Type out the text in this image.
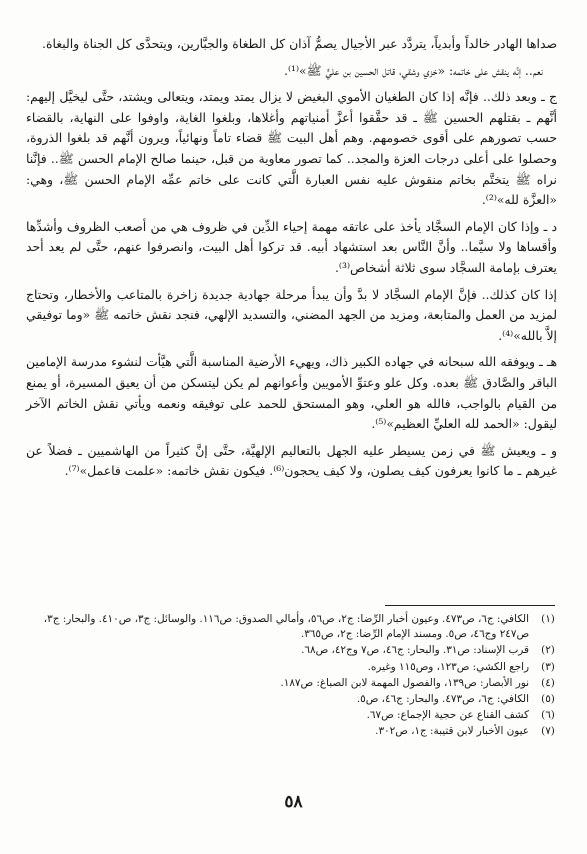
صداها الهادر خالداً وأبدياً، يتردَّد عبر الأجيال يصمُّ آذان كل الطغاة والجبَّارين، ويتحدَّى كل الجناة والبغاة.

نعم.. إنَّه ينقش على خاتمه: «خزي وشقي، قاتل الحسين بن عليٍّ ﷺ»⁽¹⁾.

ج ـ وبعد ذلك.. فإنَّه إذا كان الطغيان الأموي البغيض لا يزال يمتد ويمتد، ويتعالى ويشتد، حتَّى ليخيَّل إليهم: أنَّهم ـ بقتلهم الحسين ﷺ ـ قد حقَّقوا أعزَّ أمنياتهم وأغلاها، وبلغوا الغاية، واوفوا على النهاية، بالقضاء حسب تصورهم على أقوى خصومهم. وهم أهل البيت ﷺ قضاء تاماً ونهائياً، ويرون أنَّهم قد بلغوا الذروة، وحصلوا على أعلى درجات العزة والمجد.. كما تصور معاوية من قبل، حينما صالح الإمام الحسن ﷺ.. فإنَّنا نراه ﷺ يتختَّم بخاتم منقوش عليه نفس العبارة الَّتي كانت على خاتم عمِّه الإمام الحسن ﷺ، وهي: «العزَّة لله»⁽²⁾.

د ـ وإذا كان الإمام السجَّاد يأخذ على عاتقه مهمة إحياء الدِّين في ظروف هي من أصعب الظروف وأشدِّها وأقساها ولا سيَّما.. وأنَّ النَّاس بعد استشهاد أبيه. قد تركوا أهل البيت، وانصرفوا عنهم، حتَّى لم يعد أحد يعترف بإمامة السجَّاد سوى ثلاثة أشخاص⁽³⁾.

إذا كان كذلك.. فإنَّ الإمام السجَّاد لا بدَّ وأن يبدأ مرحلة جهادية جديدة زاخرة بالمتاعب والأخطار، وتحتاج لمزيد من العمل والمتابعة، ومزيد من الجهد المضني، والتسديد الإلهي، فنجد نقش خاتمه ﷺ «وما توفيقي إلاَّ بالله»⁽⁴⁾.

هـ ـ ويوفقه الله سبحانه في جهاده الكبير ذاك، ويهيء الأرضية المناسبة الَّتي هيَّأت لنشوء مدرسة الإمامين الباقر والصَّادق ﷺ بعده. وكل علو وعتوِّ الأمويين وأعوانهم لم يكن ليتسكن من أن يعيق المسيرة، أو يمنع من القيام بالواجب، فالله هو العلي، وهو المستحق للحمد على توفيقه ونعمه ويأتي نقش الخاتم الآخر ليقول: «الحمد لله العليِّ العظيم»⁽⁵⁾.

و ـ ويعيش ﷺ في زمن يسيطر عليه الجهل بالتعاليم الإلهيَّة، حتَّى إنَّ كثيراً من الهاشميين ـ فضلاً عن غيرهم ـ ما كانوا يعرفون كيف يصلون، ولا كيف يحجون⁽⁶⁾. فيكون نقش خاتمه: «علمت فاعمل»⁽⁷⁾.

(١)
الكافي: ج٦، ص٤٧٣. وعيون أخبار الرِّضا: ج٢، ص٥٦، وأمالي الصدوق: ص١١٦. والوسائل: ج٣، ص٤١٠. والبحار: ج٣، ص٢٤٧ وج٤٦، ص٥. ومسند الإمام الرِّضا: ج٢، ص٣٦٥.
(٢)
قرب الإسناد: ص٣١. والبحار: ج٤٦، ص٧ وج٤٢، ص٦٨.
(٣)
راجع الكشي: ص١٢٣، وص١١٥ وغيره.
(٤)
نور الأبصار: ص١٣٩، والفصول المهمة لابن الصباغ: ص١٨٧.
(٥)
الكافي: ج٦، ص٤٧٣. والبحار: ج٤٦، ص٥.
(٦)
كشف القناع عن حجية الإجماع: ص٦٧.
(٧)
عيون الأخبار لابن قتيبة: ج١، ص٣٠٢.
٥٨
